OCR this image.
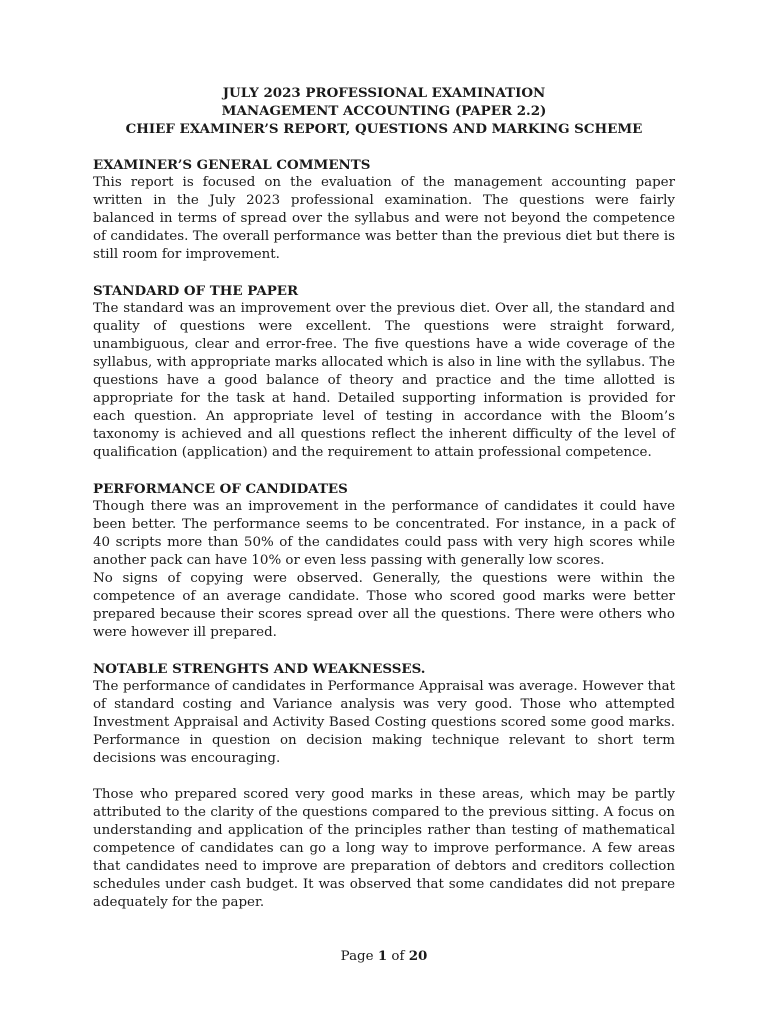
JULY 2023 PROFESSIONAL EXAMINATION
MANAGEMENT ACCOUNTING (PAPER 2.2)
CHIEF EXAMINER’S REPORT, QUESTIONS AND MARKING SCHEME

EXAMINER’S GENERAL COMMENTS

This report is focused on the evaluation of the management accounting paper written in the July 2023 professional examination. The questions were fairly balanced in terms of spread over the syllabus and were not beyond the competence of candidates. The overall performance was better than the previous diet but there is still room for improvement.

STANDARD OF THE PAPER

The standard was an improvement over the previous diet. Over all, the standard and quality of questions were excellent. The questions were straight forward, unambiguous, clear and error-free. The five questions have a wide coverage of the syllabus, with appropriate marks allocated which is also in line with the syllabus. The questions have a good balance of theory and practice and the time allotted is appropriate for the task at hand. Detailed supporting information is provided for each question. An appropriate level of testing in accordance with the Bloom’s taxonomy is achieved and all questions reflect the inherent difficulty of the level of qualification (application) and the requirement to attain professional competence.

PERFORMANCE OF CANDIDATES

Though there was an improvement in the performance of candidates it could have been better. The performance seems to be concentrated. For instance, in a pack of 40 scripts more than 50% of the candidates could pass with very high scores while another pack can have 10% or even less passing with generally low scores.

No signs of copying were observed. Generally, the questions were within the competence of an average candidate. Those who scored good marks were better prepared because their scores spread over all the questions. There were others who were however ill prepared.

NOTABLE STRENGHTS AND WEAKNESSES.

The performance of candidates in Performance Appraisal was average. However that of standard costing and Variance analysis was very good. Those who attempted Investment Appraisal and Activity Based Costing questions scored some good marks. Performance in question on decision making technique relevant to short term decisions was encouraging.

Those who prepared scored very good marks in these areas, which may be partly attributed to the clarity of the questions compared to the previous sitting. A focus on understanding and application of the principles rather than testing of mathematical competence of candidates can go a long way to improve performance. A few areas that candidates need to improve are preparation of debtors and creditors collection schedules under cash budget. It was observed that some candidates did not prepare adequately for the paper.

Page 1 of 20
